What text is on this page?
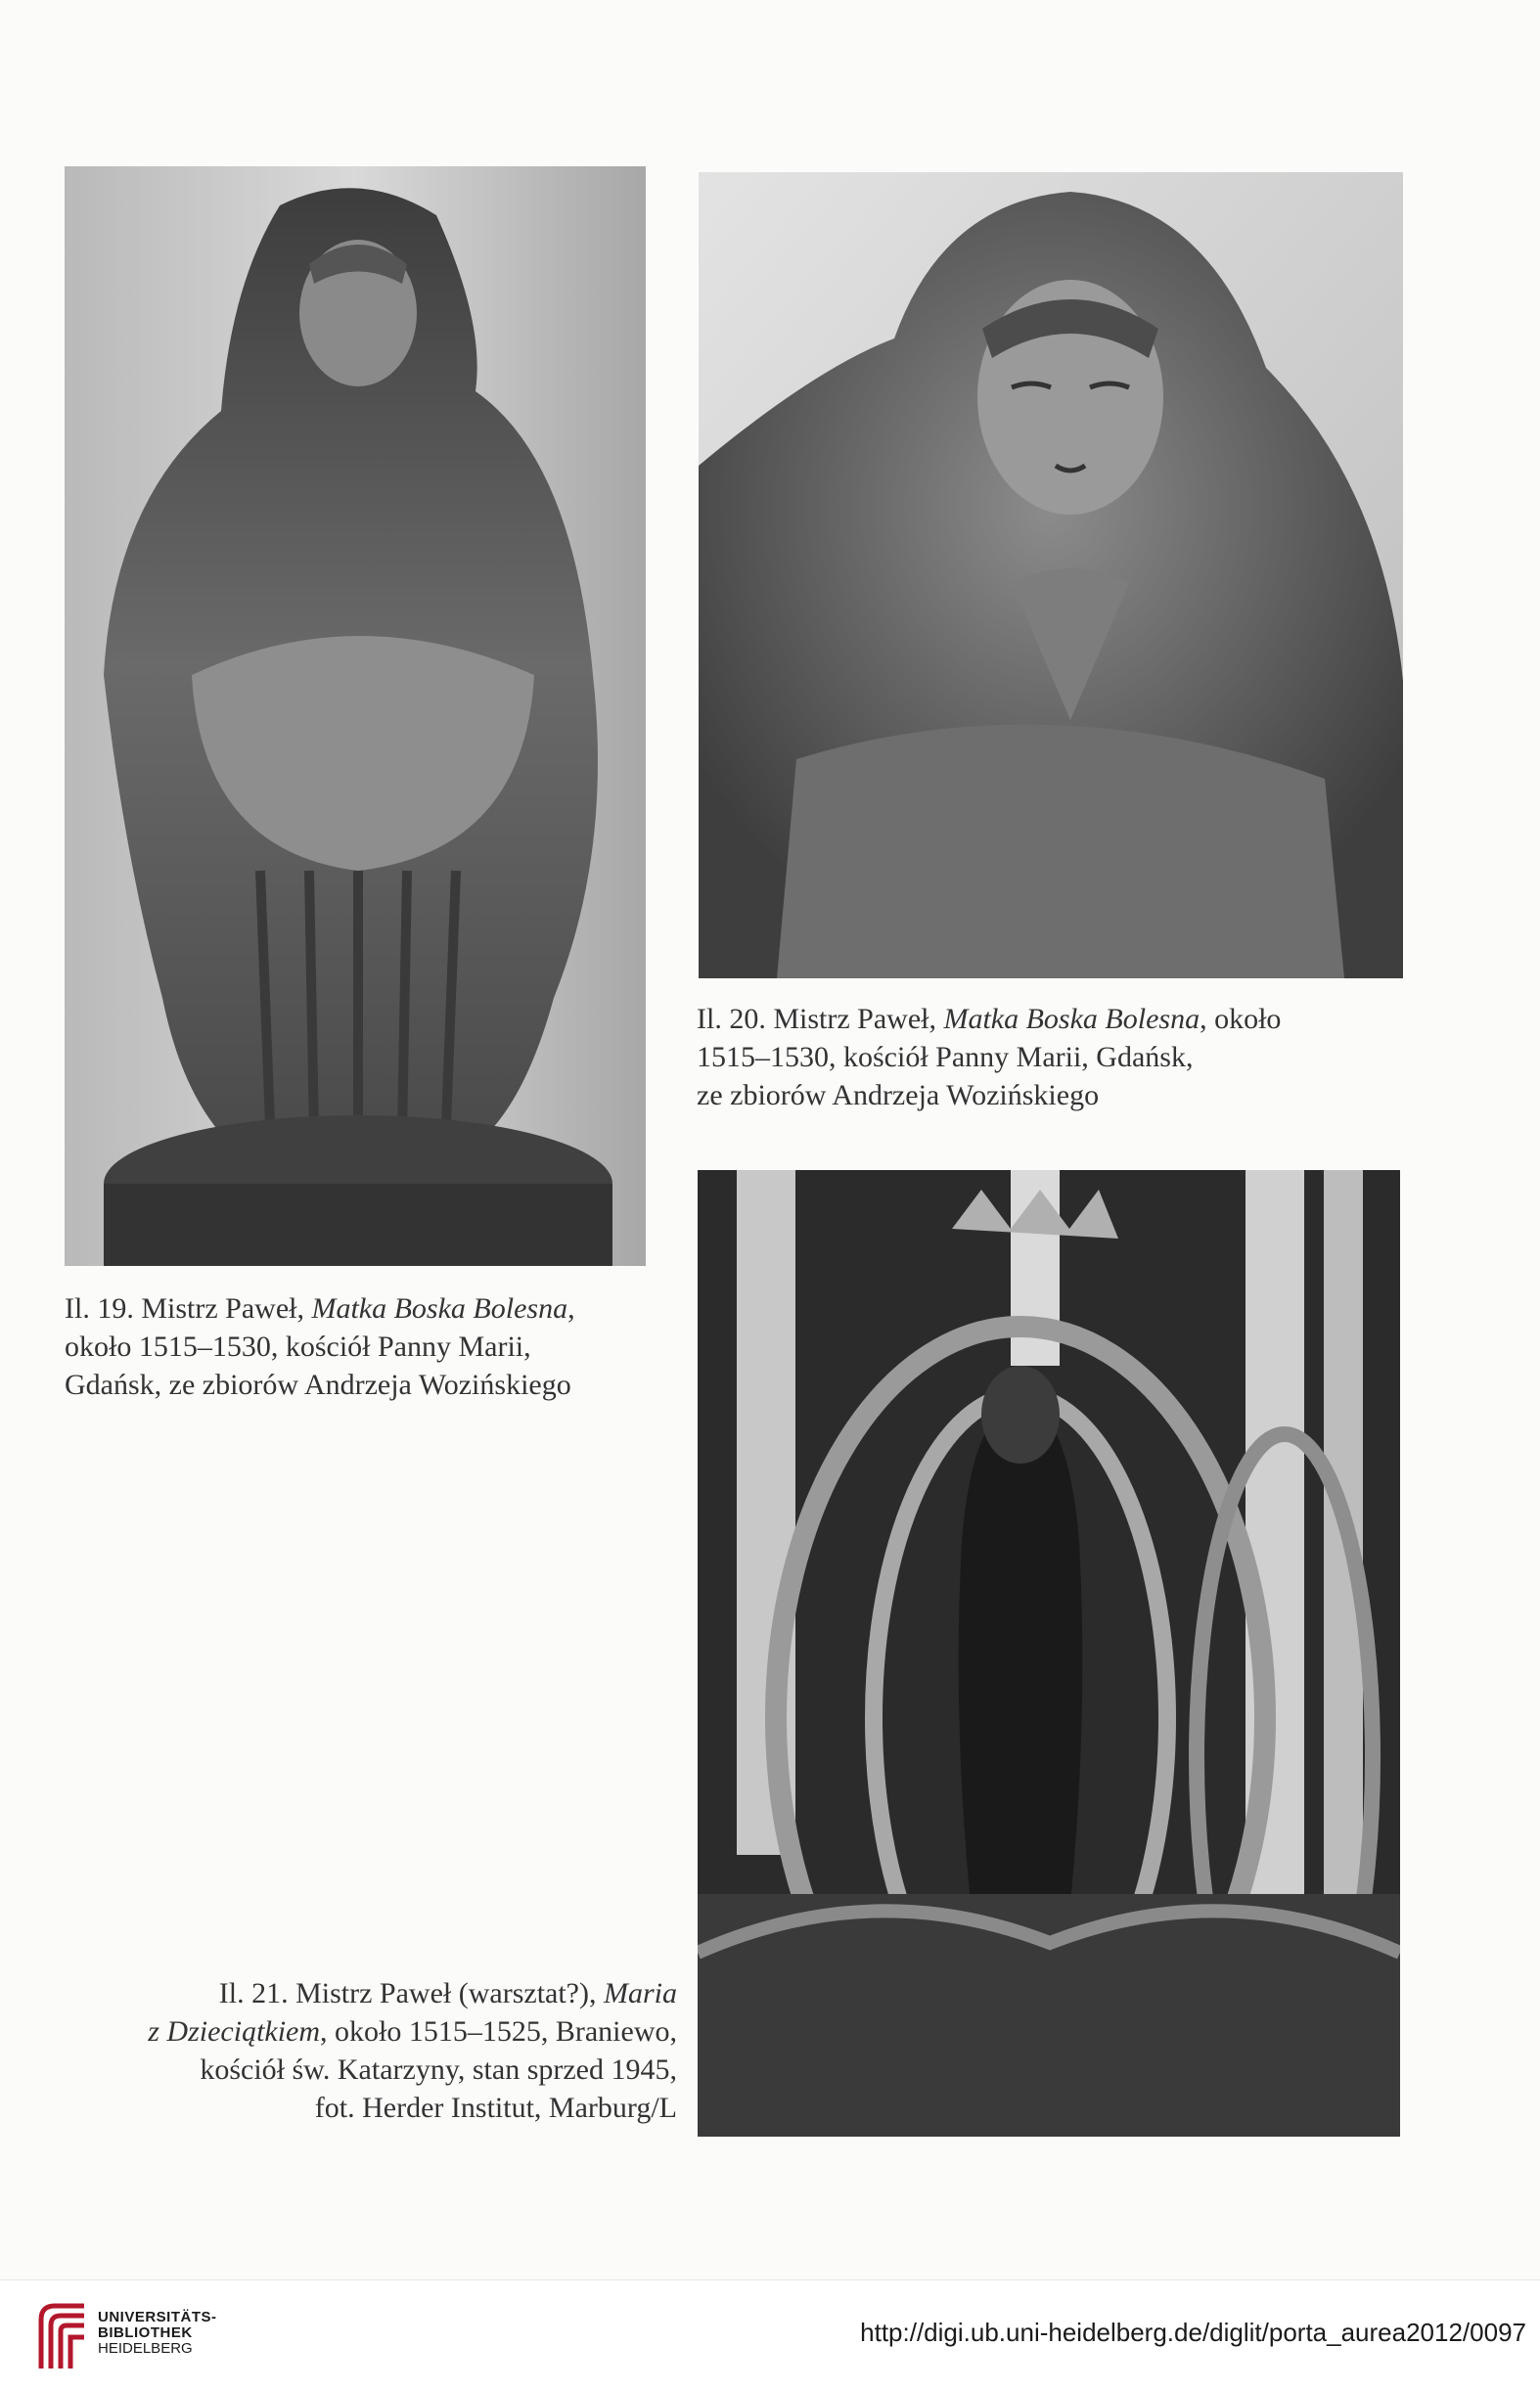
Il. 19. Mistrz Paweł, Matka Boska Bolesna,
około 1515–1530, kościół Panny Marii,
Gdańsk, ze zbiorów Andrzeja Wozińskiego
Il. 20. Mistrz Paweł, Matka Boska Bolesna, około
1515–1530, kościół Panny Marii, Gdańsk,
ze zbiorów Andrzeja Wozińskiego
Il. 21. Mistrz Paweł (warsztat?), Maria
z Dzieciątkiem, około 1515–1525, Braniewo,
kościół św. Katarzyny, stan sprzed 1945,
fot. Herder Institut, Marburg/L
UNIVERSITÄTS-
BIBLIOTHEK
HEIDELBERG
http://digi.ub.uni-heidelberg.de/diglit/porta_aurea2012/0097
